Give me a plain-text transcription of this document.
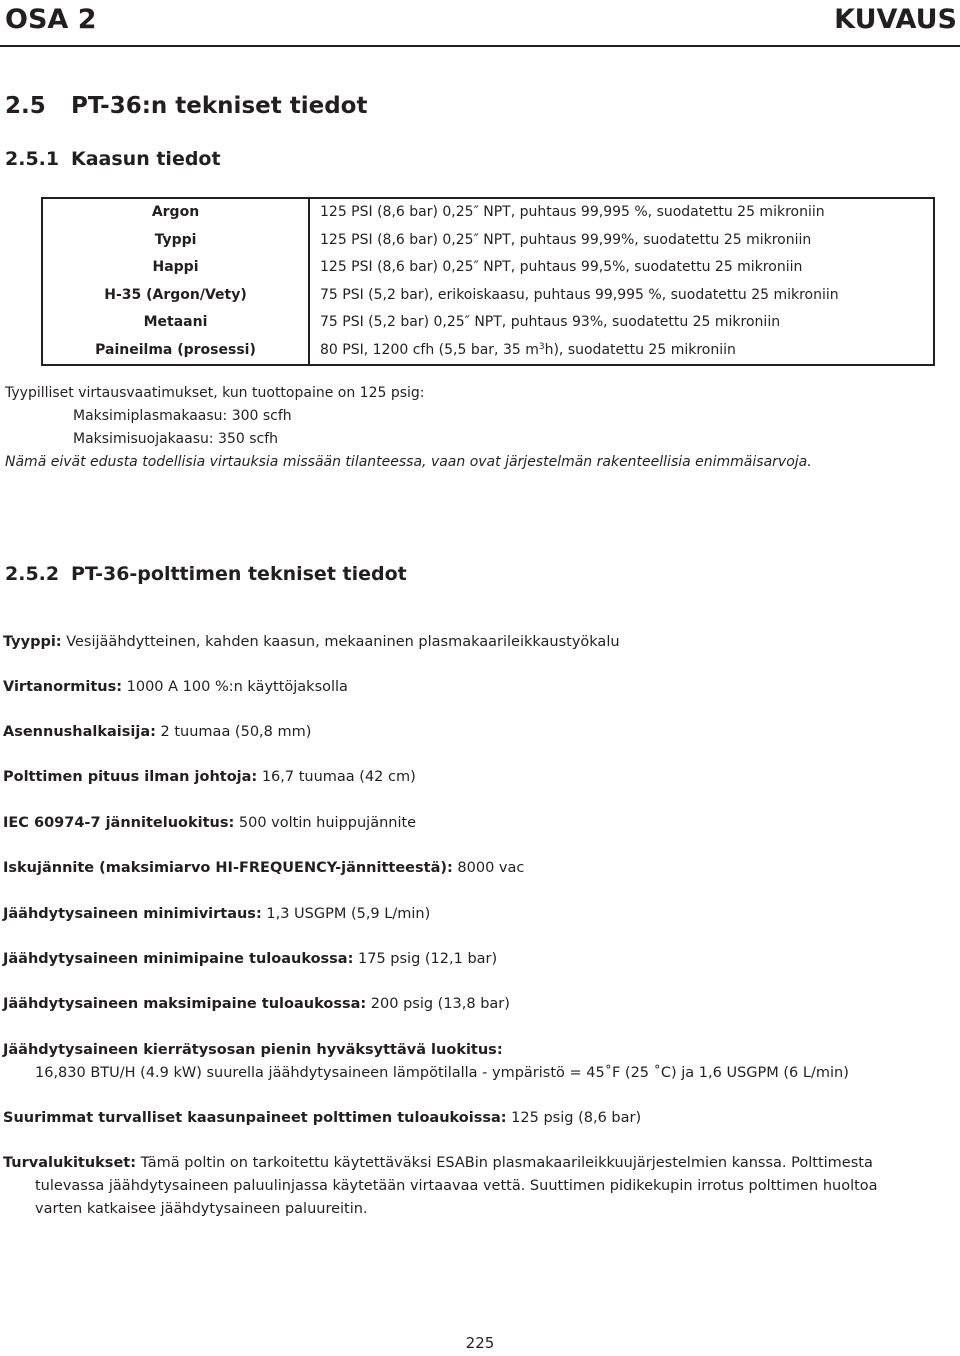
OSA 2	KUVAUS
2.5 PT-36:n tekniset tiedot
2.5.1 Kaasun tiedot
Argon	125 PSI (8,6 bar) 0,25″ NPT, puhtaus 99,995 %, suodatettu 25 mikroniin
Typpi	125 PSI (8,6 bar) 0,25″ NPT, puhtaus 99,99%, suodatettu 25 mikroniin
Happi	125 PSI (8,6 bar) 0,25″ NPT, puhtaus 99,5%, suodatettu 25 mikroniin
H-35 (Argon/Vety)	75 PSI (5,2 bar), erikoiskaasu, puhtaus 99,995 %, suodatettu 25 mikroniin
Metaani	75 PSI (5,2 bar) 0,25″ NPT, puhtaus 93%, suodatettu 25 mikroniin
Paineilma (prosessi)	80 PSI, 1200 cfh (5,5 bar, 35 $m^3h$), suodatettu 25 mikroniin
Tyypilliset virtausvaatimukset, kun tuottopaine on 125 psig:
Maksimiplasmakaasu: 300 scfh
Maksimisuojakaasu: 350 scfh
Nämä eivät edusta todellisia virtauksia missään tilanteessa, vaan ovat järjestelmän rakenteellisia enimmäisarvoja.
2.5.2 PT-36-polttimen tekniset tiedot
Tyyppi: Vesijäähdytteinen, kahden kaasun, mekaaninen plasmakaarileikkaustyökalu
Virtanormitus: 1000 A 100 %:n käyttöjaksolla
Asennushalkaisija: 2 tuumaa (50,8 mm)
Polttimen pituus ilman johtoja: 16,7 tuumaa (42 cm)
IEC 60974-7 jänniteluokitus: 500 voltin huippujännite
Iskujännite (maksimiarvo HI-FREQUENCY-jännitteestä): 8000 vac
Jäähdytysaineen minimivirtaus: 1,3 USGPM (5,9 L/min)
Jäähdytysaineen minimipaine tuloaukossa: 175 psig (12,1 bar)
Jäähdytysaineen maksimipaine tuloaukossa: 200 psig (13,8 bar)
Jäähdytysaineen kierrätysosan pienin hyväksyttävä luokitus:
16,830 BTU/H (4.9 kW) suurella jäähdytysaineen lämpötilalla - ympäristö = 45˚F (25 ˚C) ja 1,6 USGPM (6 L/min)
Suurimmat turvalliset kaasunpaineet polttimen tuloaukoissa: 125 psig (8,6 bar)
Turvalukitukset: Tämä poltin on tarkoitettu käytettäväksi ESABin plasmakaarileikkuujärjestelmien kanssa. Polttimesta
tulevassa jäähdytysaineen paluulinjassa käytetään virtaavaa vettä. Suuttimen pidikekupin irrotus polttimen huoltoa
varten katkaisee jäähdytysaineen paluureitin.
225
